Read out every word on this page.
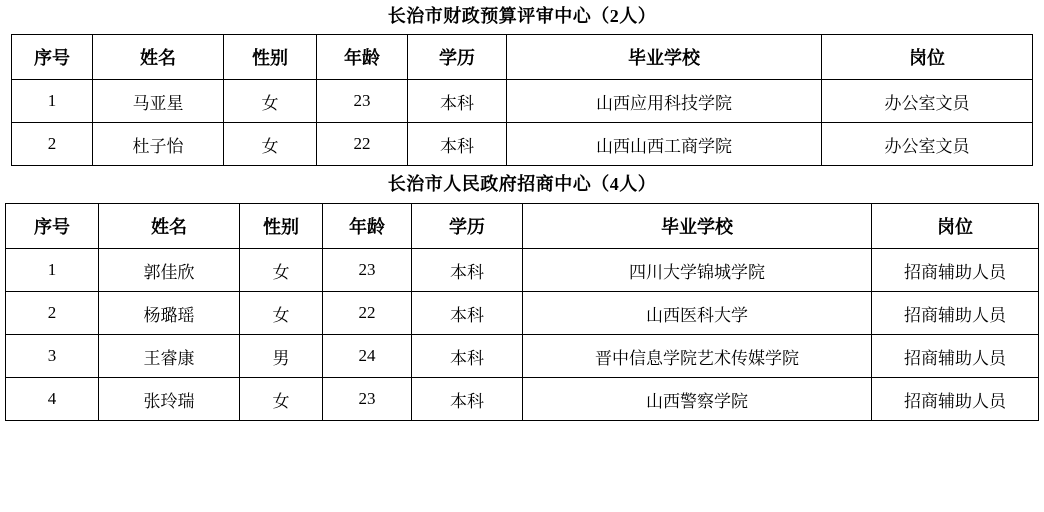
长治市财政预算评审中心（2人）
序号	姓名	性别	年龄	学历	毕业学校	岗位
1	马亚星	女	23	本科	山西应用科技学院	办公室文员
2	杜子怡	女	22	本科	山西山西工商学院	办公室文员
长治市人民政府招商中心（4人）
序号	姓名	性别	年龄	学历	毕业学校	岗位
1	郭佳欣	女	23	本科	四川大学锦城学院	招商辅助人员
2	杨璐瑶	女	22	本科	山西医科大学	招商辅助人员
3	王睿康	男	24	本科	晋中信息学院艺术传媒学院	招商辅助人员
4	张玲瑞	女	23	本科	山西警察学院	招商辅助人员
